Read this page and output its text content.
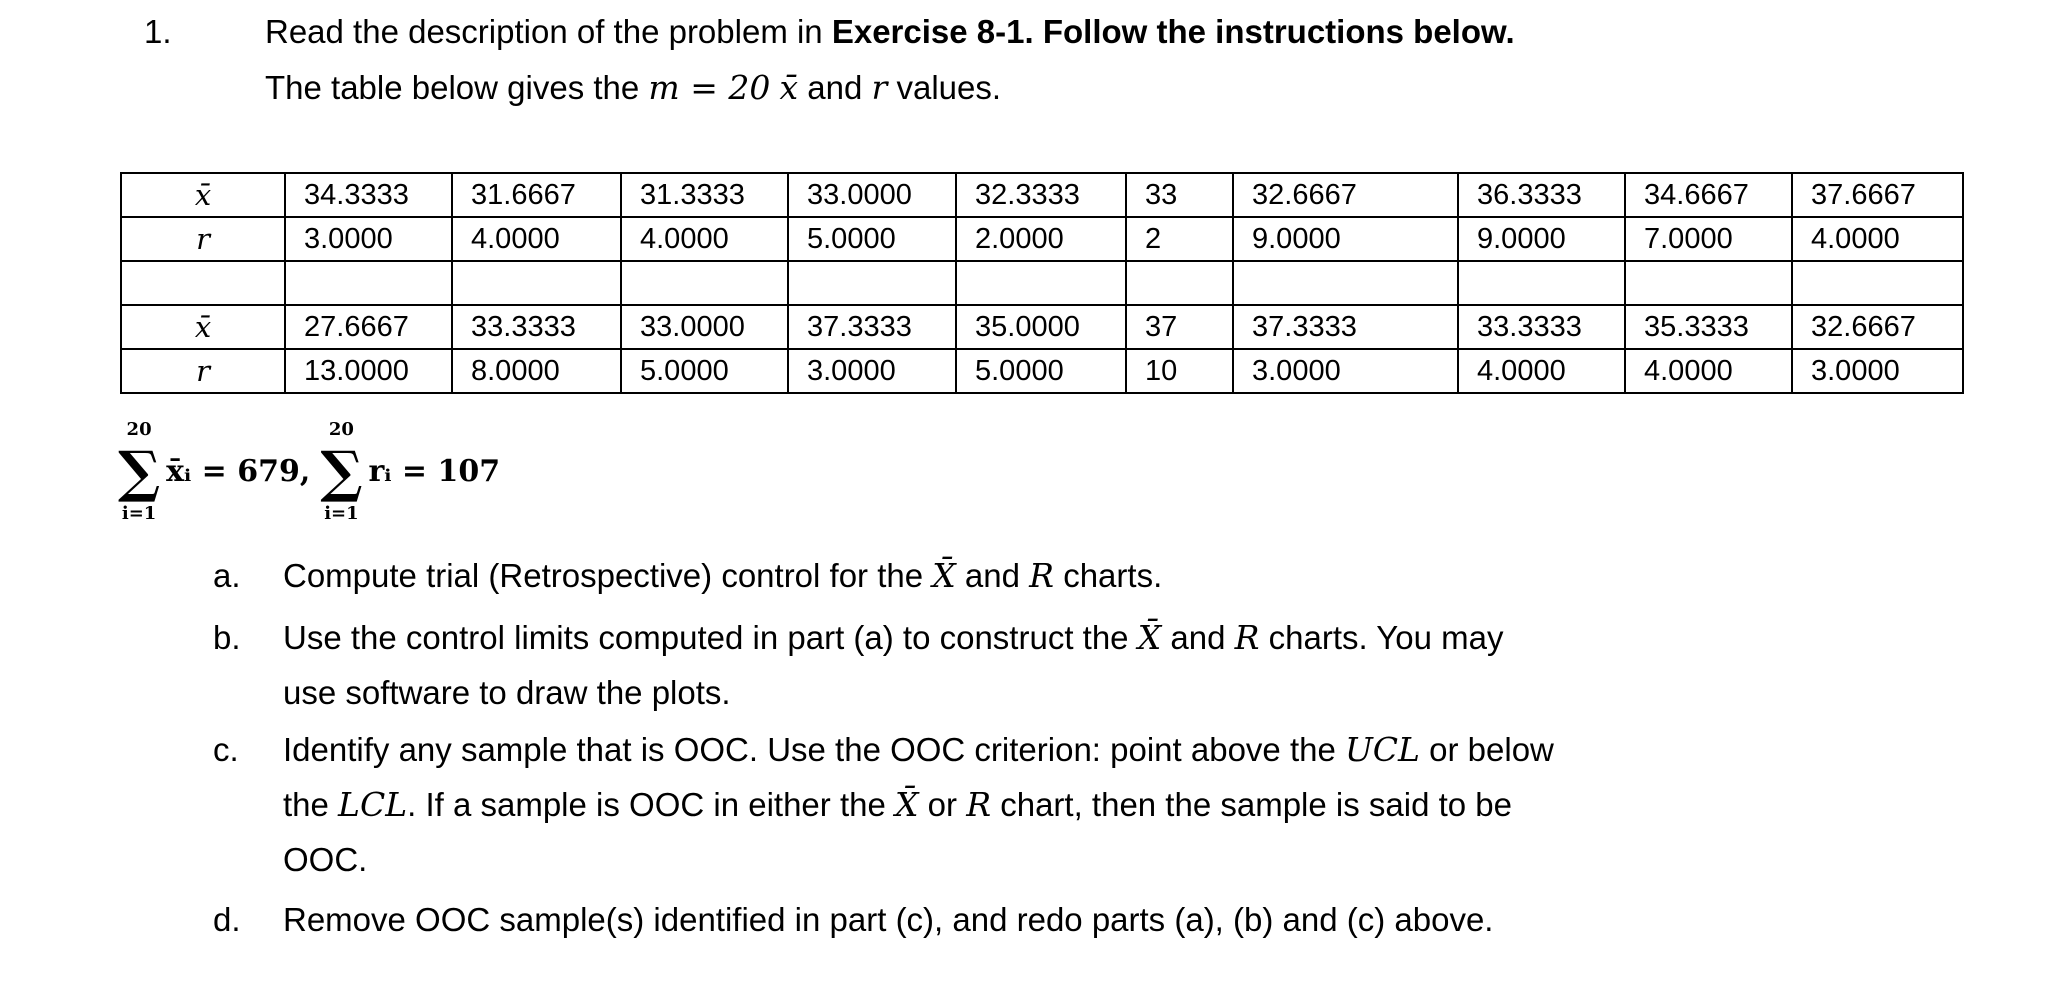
1.	Read the description of the problem in Exercise 8-1. Follow the instructions below.
The table below gives the m = 20 x̄ and r values.
x̄	34.3333	31.6667	31.3333	33.0000	32.3333	33	32.6667	36.3333	34.6667	37.6667
r	3.0000	4.0000	4.0000	5.0000	2.0000	2	9.0000	9.0000	7.0000	4.0000

x̄	27.6667	33.3333	33.0000	37.3333	35.0000	37	37.3333	33.3333	35.3333	32.6667
r	13.0000	8.0000	5.0000	3.0000	5.0000	10	3.0000	4.0000	4.0000	3.0000
20
∑
i=1
x̄ᵢ = 679,
20
∑
i=1
rᵢ = 107
a. Compute trial (Retrospective) control for the X̄ and R charts.
b. Use the control limits computed in part (a) to construct the X̄ and R charts. You may
use software to draw the plots.
c. Identify any sample that is OOC. Use the OOC criterion: point above the UCL or below
the LCL. If a sample is OOC in either the X̄ or R chart, then the sample is said to be
OOC.
d. Remove OOC sample(s) identified in part (c), and redo parts (a), (b) and (c) above.
